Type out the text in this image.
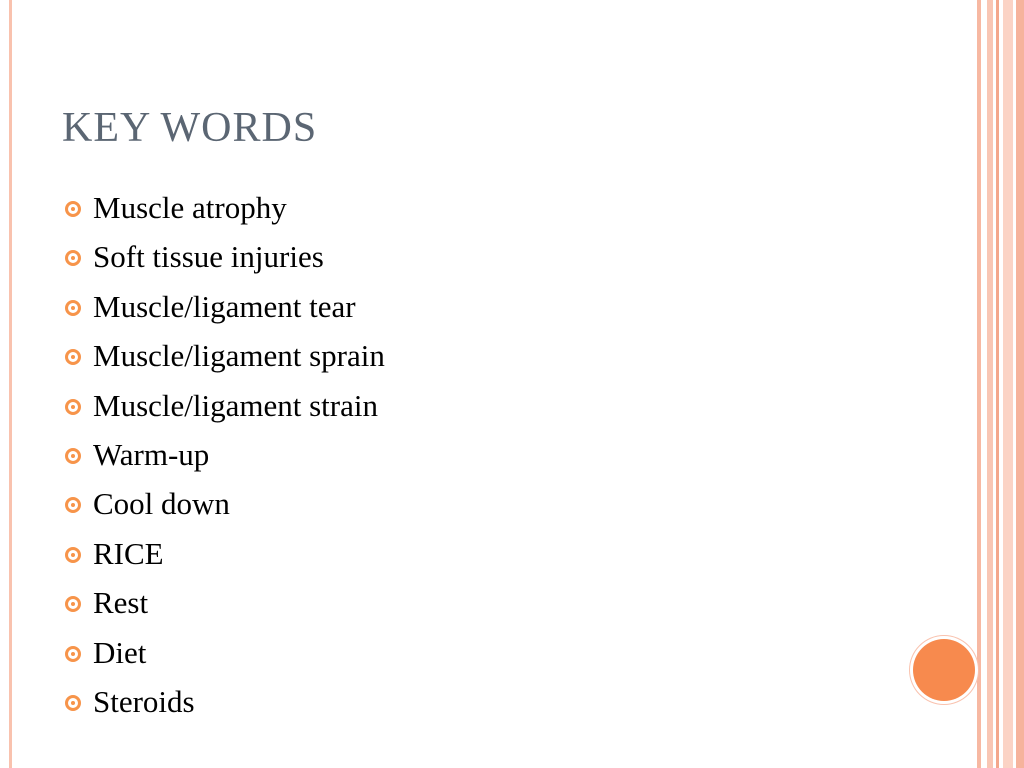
KEY WORDS
Muscle atrophy
Soft tissue injuries
Muscle/ligament tear
Muscle/ligament sprain
Muscle/ligament strain
Warm-up
Cool down
RICE
Rest
Diet
Steroids
